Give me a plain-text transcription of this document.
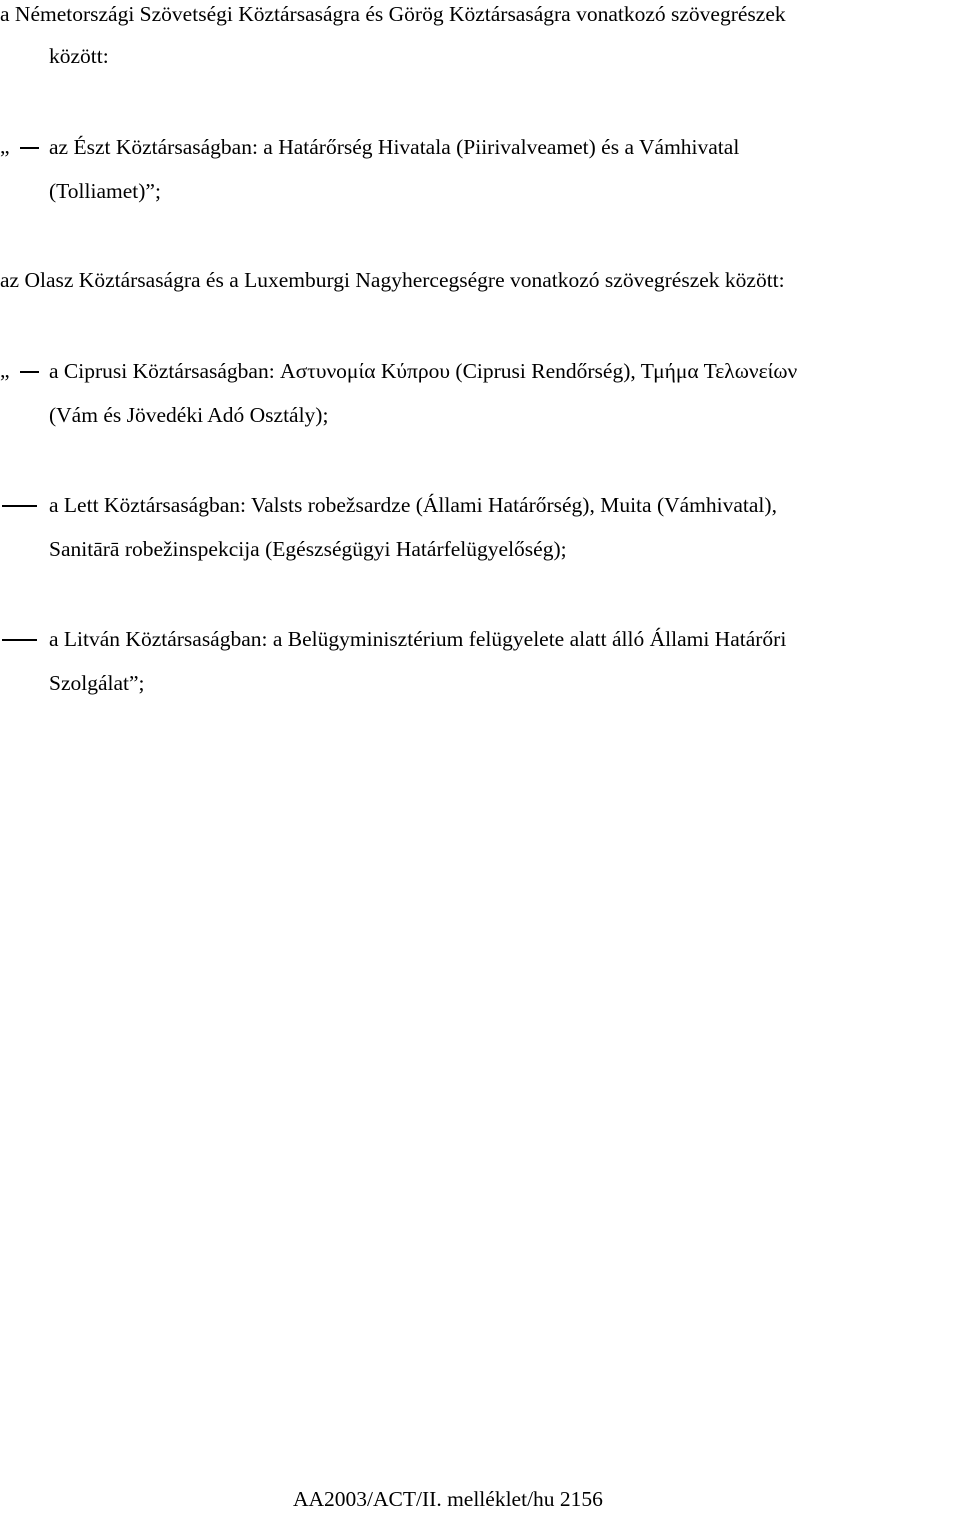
a Németországi Szövetségi Köztársaságra és Görög Köztársaságra vonatkozó szövegrészek
között:
„ az Észt Köztársaságban: a Határőrség Hivatala (Piirivalveamet) és a Vámhivatal
(Tolliamet)”;
az Olasz Köztársaságra és a Luxemburgi Nagyhercegségre vonatkozó szövegrészek között:
„ a Ciprusi Köztársaságban: Αστυνομία Κύπρου (Ciprusi Rendőrség), Τμήμα Τελωνείων
(Vám és Jövedéki Adó Osztály);
a Lett Köztársaságban: Valsts robežsardze (Állami Határőrség), Muita (Vámhivatal),
Sanitārā robežinspekcija (Egészségügyi Határfelügyelőség);
a Litván Köztársaságban: a Belügyminisztérium felügyelete alatt álló Állami Határőri
Szolgálat”;
AA2003/ACT/II. melléklet/hu 2156
